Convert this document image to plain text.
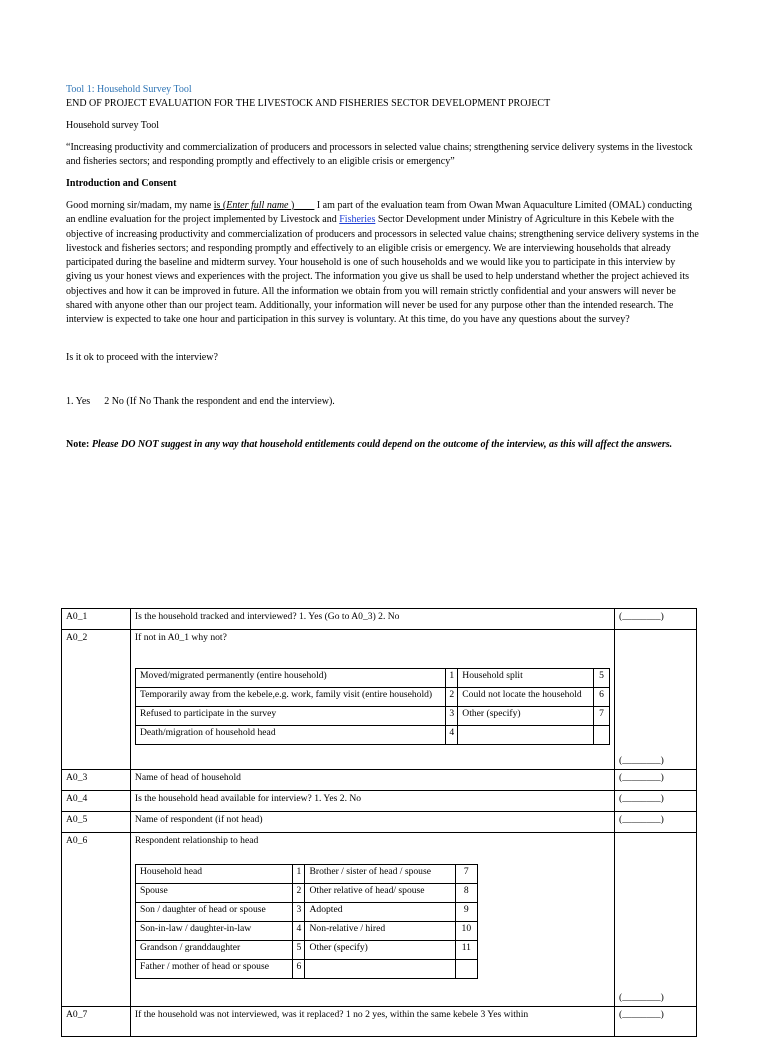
Tool 1: Household Survey Tool
END OF PROJECT EVALUATION FOR THE LIVESTOCK AND FISHERIES SECTOR DEVELOPMENT PROJECT
Household survey Tool
“Increasing productivity and commercialization of producers and processors in selected value chains; strengthening service delivery systems in the livestock and fisheries sectors; and responding promptly and effectively to an eligible crisis or emergency”
Introduction and Consent
Good morning sir/madam, my name is (Enter full name )____ I am part of the evaluation team from Owan Mwan Aquaculture Limited (OMAL) conducting an endline evaluation for the project implemented by Livestock and Fisheries Sector Development under Ministry of Agriculture in this Kebele with the objective of increasing productivity and commercialization of producers and processors in selected value chains; strengthening service delivery systems in the livestock and fisheries sectors; and responding promptly and effectively to an eligible crisis or emergency. We are interviewing households that already participated during the baseline and midterm survey. Your household is one of such households and we would like you to participate in this interview by giving us your honest views and experiences with the project. The information you give us shall be used to help understand whether the project achieved its objectives and how it can be improved in future. All the information we obtain from you will remain strictly confidential and your answers will never be shared with anyone other than our project team. Additionally, your information will never be used for any purpose other than the intended research. The interview is expected to take one hour and participation in this survey is voluntary. At this time, do you have any questions about the survey?
Is it ok to proceed with the interview?
1. Yes 2 No (If No Thank the respondent and end the interview).
Note: Please DO NOT suggest in any way that household entitlements could depend on the outcome of the interview, as this will affect the answers.
A0_1	Is the household tracked and interviewed? 1. Yes (Go to A0_3) 2. No	(________)
A0_2	If not in A0_1 why not?	(________)
A0_3	Name of head of household	(________)
A0_4	Is the household head available for interview? 1. Yes 2. No	(________)
A0_5	Name of respondent (if not head)	(________)
A0_6	Respondent relationship to head	(________)
A0_7	If the household was not interviewed, was it replaced? 1 no 2 yes, within the same kebele 3 Yes within	(________)
Moved/migrated permanently (entire household)	1	Household split	5
Temporarily away from the kebele,e.g. work, family visit (entire household)	2	Could not locate the household	6
Refused to participate in the survey	3	Other (specify)	7
Death/migration of household head	4		
Household head	1	Brother / sister of head / spouse	7
Spouse	2	Other relative of head/ spouse	8
Son / daughter of head or spouse	3	Adopted	9
Son-in-law / daughter-in-law	4	Non-relative / hired	10
Grandson / granddaughter	5	Other (specify)	11
Father / mother of head or spouse	6		
